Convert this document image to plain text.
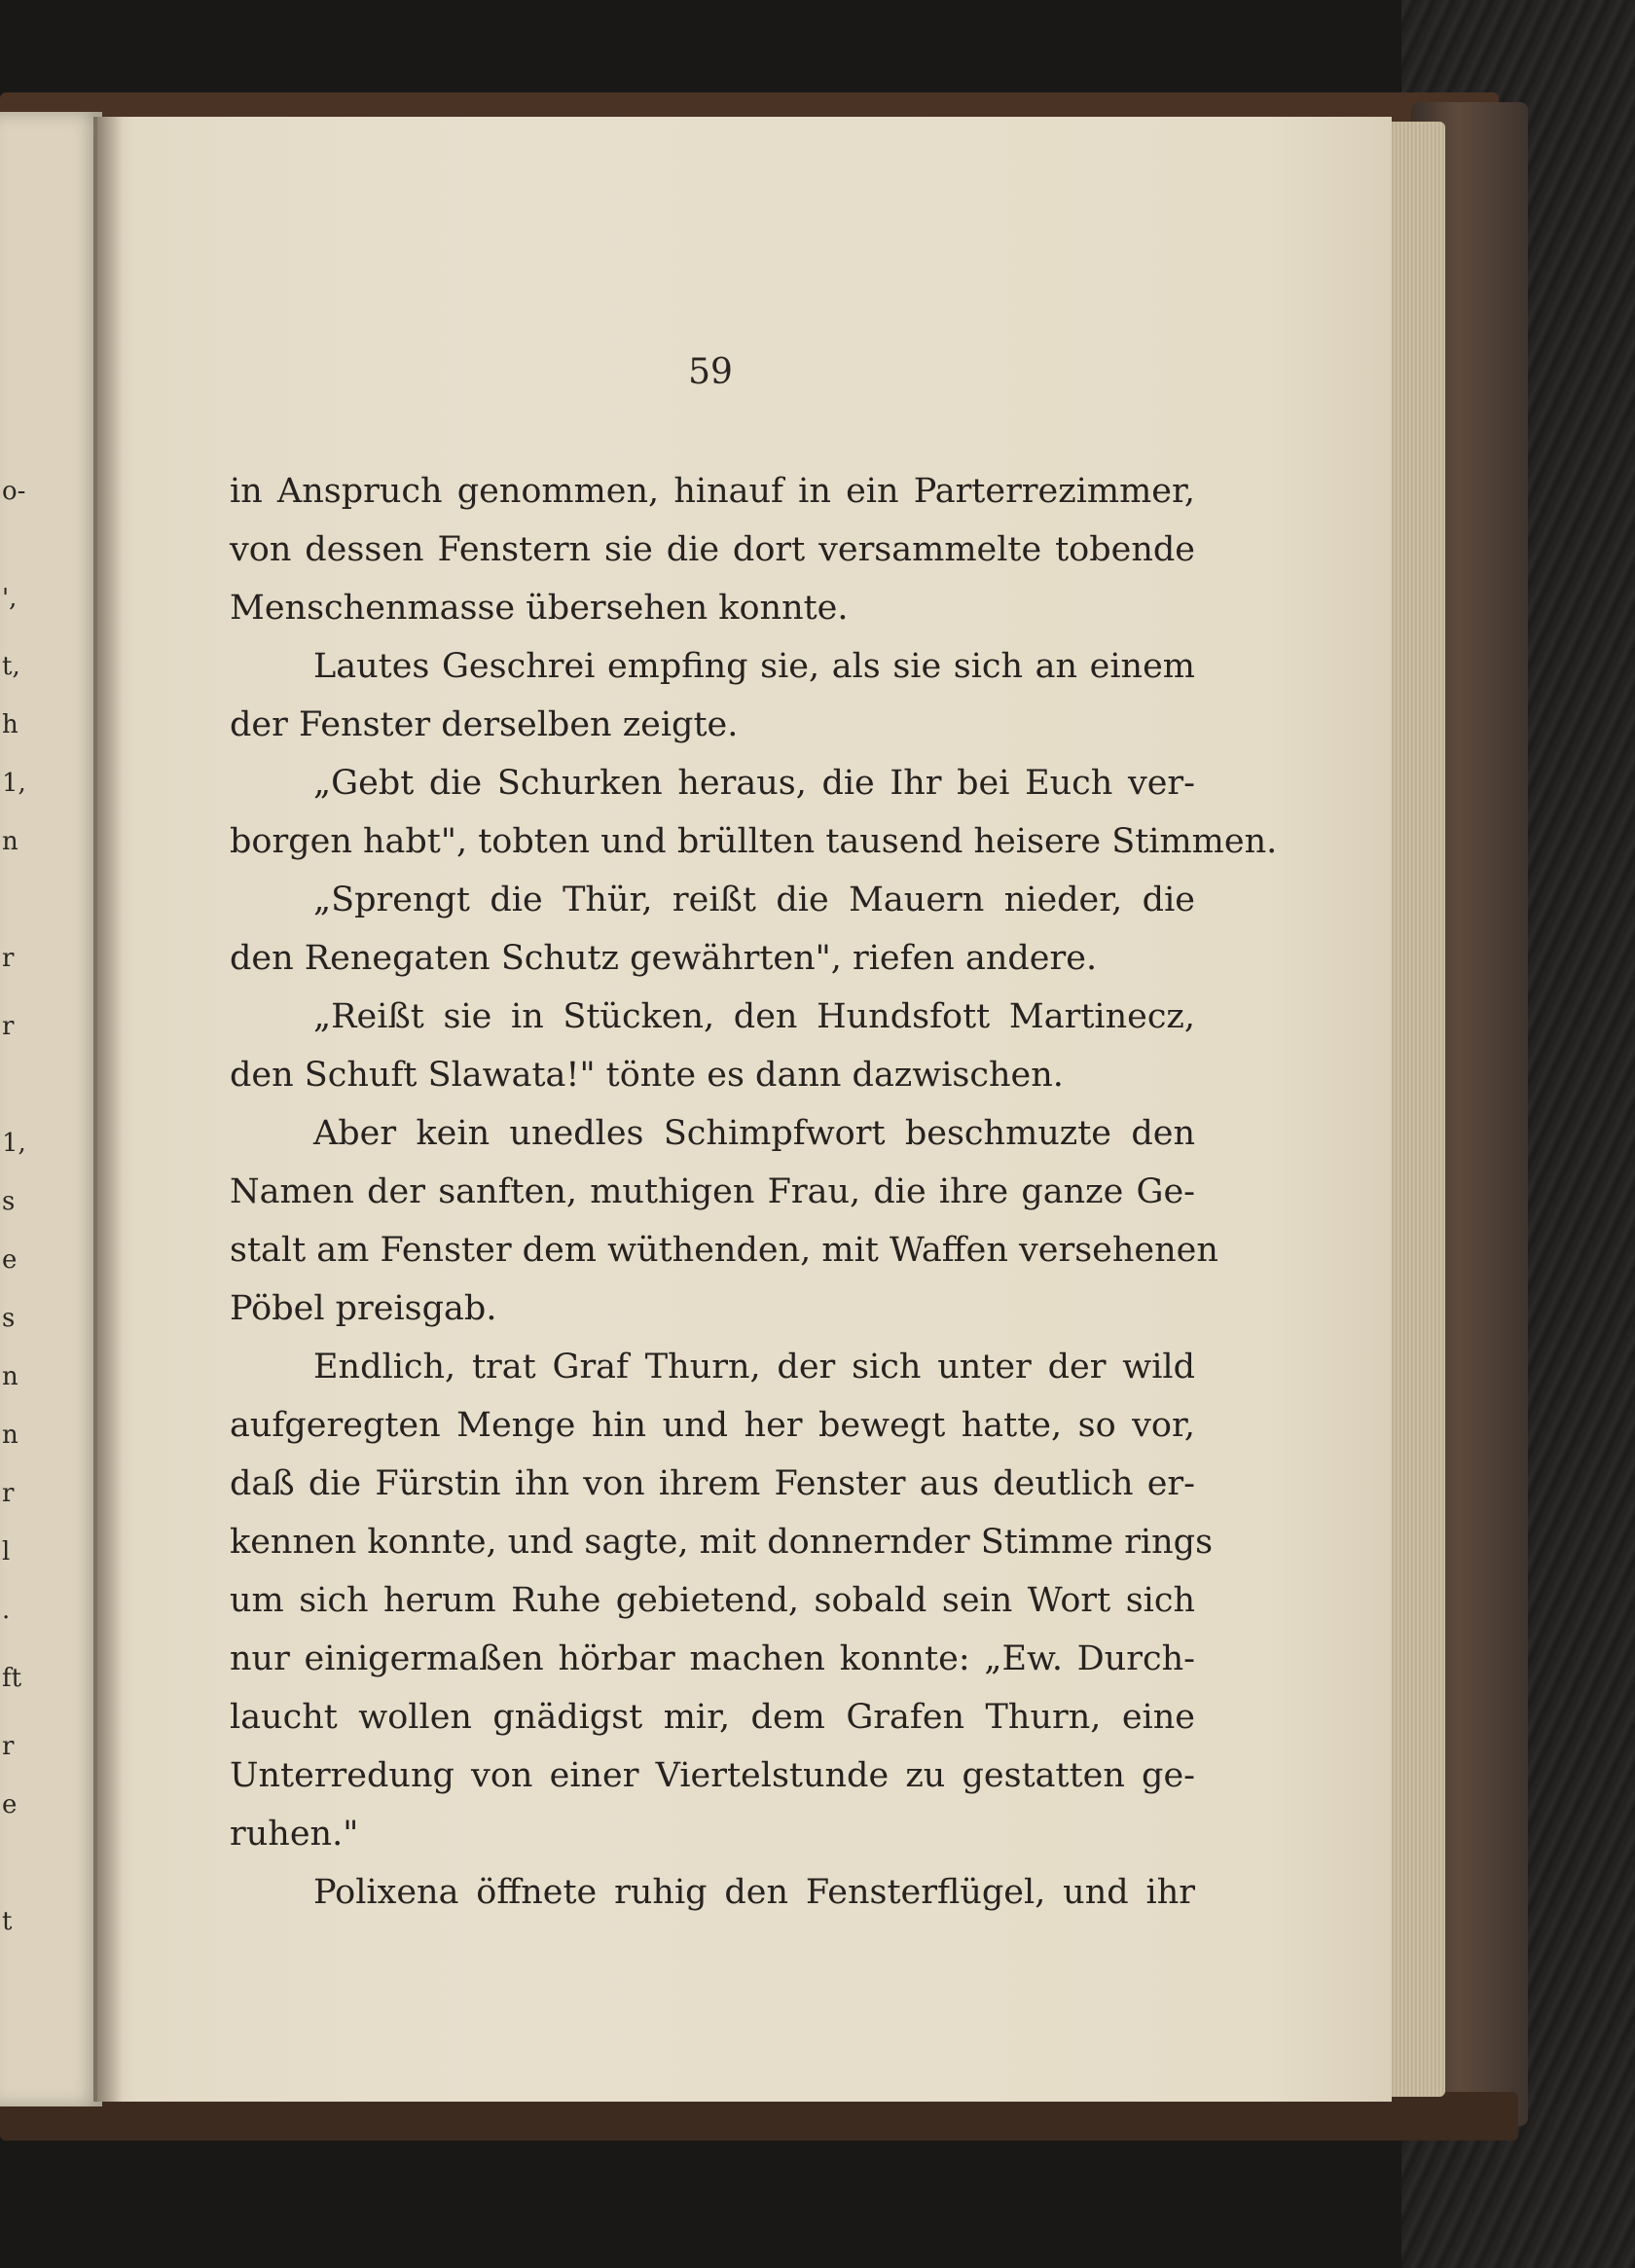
o-
',
t,
h
1,
n
r
r
1,
s
e
s
n
n
r
l
.
ft
r
e
t
59
in Anspruch genommen, hinauf in ein Parterrezimmer,
von dessen Fenstern sie die dort versammelte tobende
Menschenmasse übersehen konnte.
Lautes Geschrei empfing sie, als sie sich an einem
der Fenster derselben zeigte.
„Gebt die Schurken heraus, die Ihr bei Euch ver-
borgen habt", tobten und brüllten tausend heisere Stimmen.
„Sprengt die Thür, reißt die Mauern nieder, die
den Renegaten Schutz gewährten", riefen andere.
„Reißt sie in Stücken, den Hundsfott Martinecz,
den Schuft Slawata!" tönte es dann dazwischen.
Aber kein unedles Schimpfwort beschmuzte den
Namen der sanften, muthigen Frau, die ihre ganze Ge-
stalt am Fenster dem wüthenden, mit Waffen versehenen
Pöbel preisgab.
Endlich, trat Graf Thurn, der sich unter der wild
aufgeregten Menge hin und her bewegt hatte, so vor,
daß die Fürstin ihn von ihrem Fenster aus deutlich er-
kennen konnte, und sagte, mit donnernder Stimme rings
um sich herum Ruhe gebietend, sobald sein Wort sich
nur einigermaßen hörbar machen konnte: „Ew. Durch-
laucht wollen gnädigst mir, dem Grafen Thurn, eine
Unterredung von einer Viertelstunde zu gestatten ge-
ruhen."
Polixena öffnete ruhig den Fensterflügel, und ihr
